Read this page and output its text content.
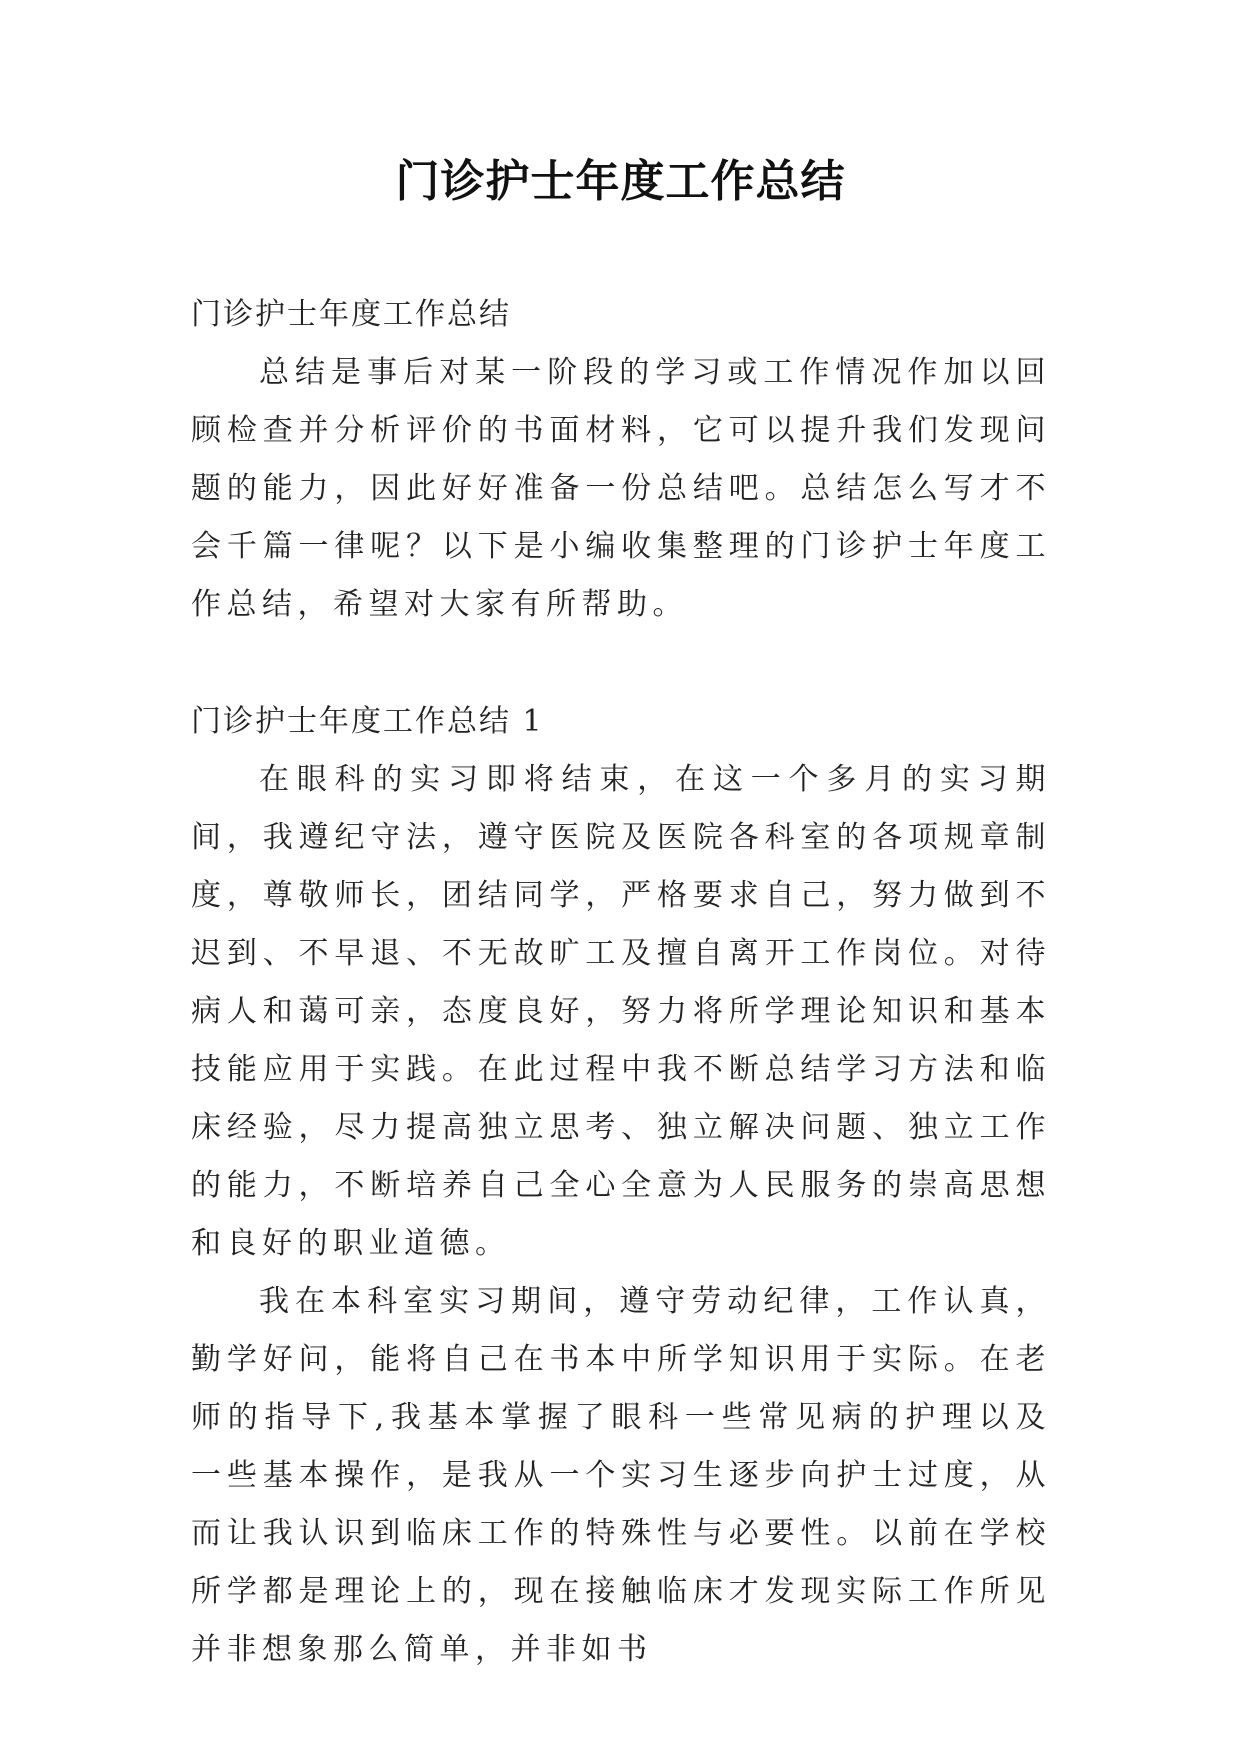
门诊护士年度工作总结

门诊护士年度工作总结

总结是事后对某一阶段的学习或工作情况作加以回顾检查并分析评价的书面材料，它可以提升我们发现问题的能力，因此好好准备一份总结吧。总结怎么写才不会千篇一律呢？以下是小编收集整理的门诊护士年度工作总结，希望对大家有所帮助。

门诊护士年度工作总结 1

在眼科的实习即将结束，在这一个多月的实习期间，我遵纪守法，遵守医院及医院各科室的各项规章制度，尊敬师长，团结同学，严格要求自己，努力做到不迟到、不早退、不无故旷工及擅自离开工作岗位。对待病人和蔼可亲，态度良好，努力将所学理论知识和基本技能应用于实践。在此过程中我不断总结学习方法和临床经验，尽力提高独立思考、独立解决问题、独立工作的能力，不断培养自己全心全意为人民服务的崇高思想和良好的职业道德。

我在本科室实习期间，遵守劳动纪律，工作认真，勤学好问，能将自己在书本中所学知识用于实际。在老师的指导下,我基本掌握了眼科一些常见病的护理以及一些基本操作，是我从一个实习生逐步向护士过度，从而让我认识到临床工作的特殊性与必要性。以前在学校所学都是理论上的，现在接触临床才发现实际工作所见并非想象那么简单，并非如书
